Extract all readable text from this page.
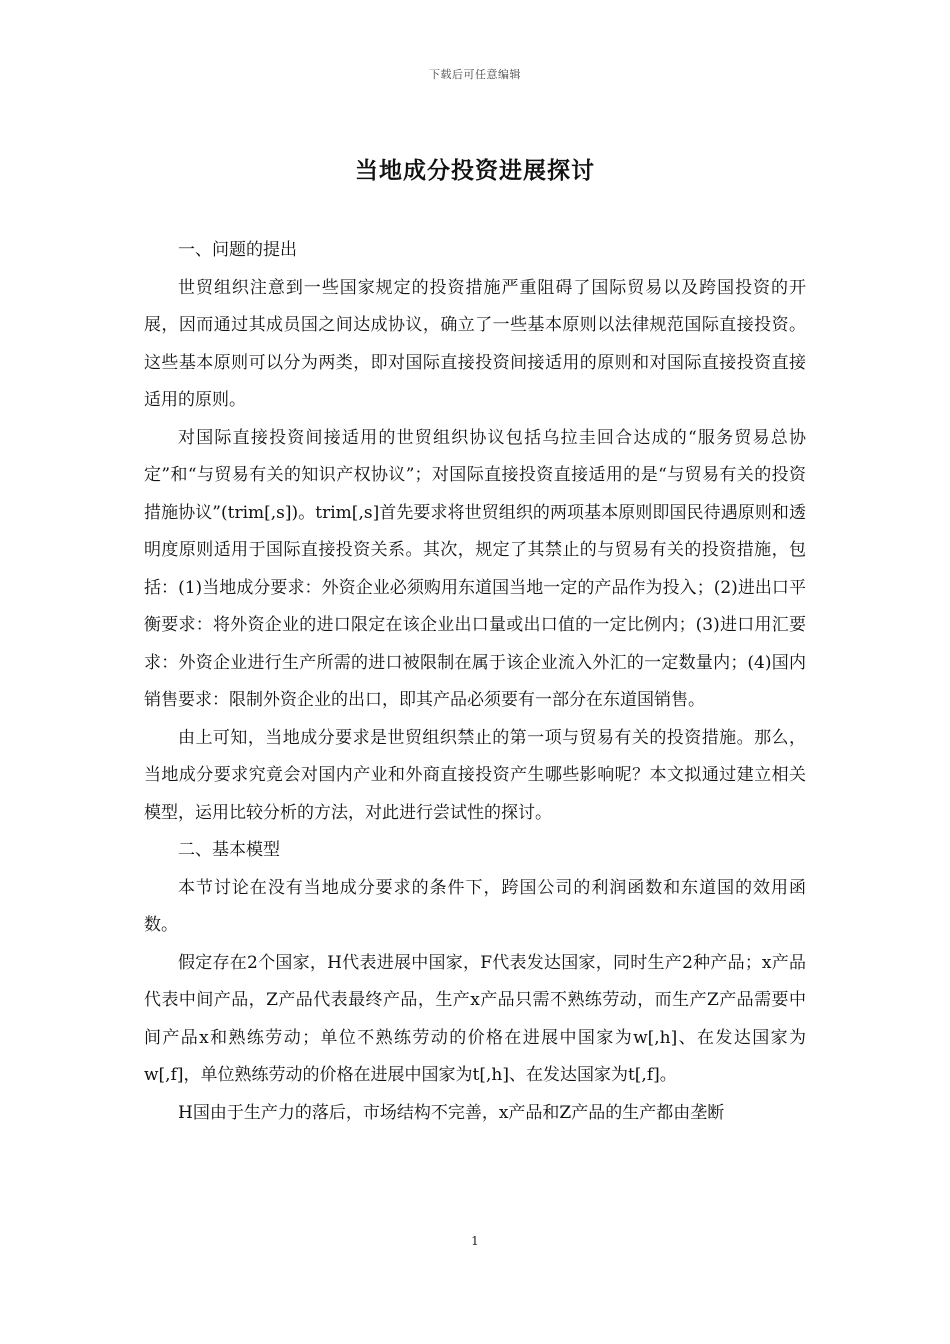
下载后可任意编辑
当地成分投资进展探讨

一、问题的提出

世贸组织注意到一些国家规定的投资措施严重阻碍了国际贸易以及跨国投资的开展，因而通过其成员国之间达成协议，确立了一些基本原则以法律规范国际直接投资。这些基本原则可以分为两类，即对国际直接投资间接适用的原则和对国际直接投资直接适用的原则。

对国际直接投资间接适用的世贸组织协议包括乌拉圭回合达成的“服务贸易总协定”和“与贸易有关的知识产权协议”；对国际直接投资直接适用的是“与贸易有关的投资措施协议”(trim[,s])。trim[,s]首先要求将世贸组织的两项基本原则即国民待遇原则和透明度原则适用于国际直接投资关系。其次，规定了其禁止的与贸易有关的投资措施，包括：(1)当地成分要求：外资企业必须购用东道国当地一定的产品作为投入；(2)进出口平衡要求：将外资企业的进口限定在该企业出口量或出口值的一定比例内；(3)进口用汇要求：外资企业进行生产所需的进口被限制在属于该企业流入外汇的一定数量内；(4)国内销售要求：限制外资企业的出口，即其产品必须要有一部分在东道国销售。

由上可知，当地成分要求是世贸组织禁止的第一项与贸易有关的投资措施。那么，当地成分要求究竟会对国内产业和外商直接投资产生哪些影响呢？本文拟通过建立相关模型，运用比较分析的方法，对此进行尝试性的探讨。

二、基本模型

本节讨论在没有当地成分要求的条件下，跨国公司的利润函数和东道国的效用函数。

假定存在2个国家，H代表进展中国家，F代表发达国家，同时生产2种产品；x产品代表中间产品，Z产品代表最终产品，生产x产品只需不熟练劳动，而生产Z产品需要中间产品x和熟练劳动；单位不熟练劳动的价格在进展中国家为w[,h]、在发达国家为w[,f]，单位熟练劳动的价格在进展中国家为t[,h]、在发达国家为t[,f]。

H国由于生产力的落后，市场结构不完善，x产品和Z产品的生产都由垄断

1
